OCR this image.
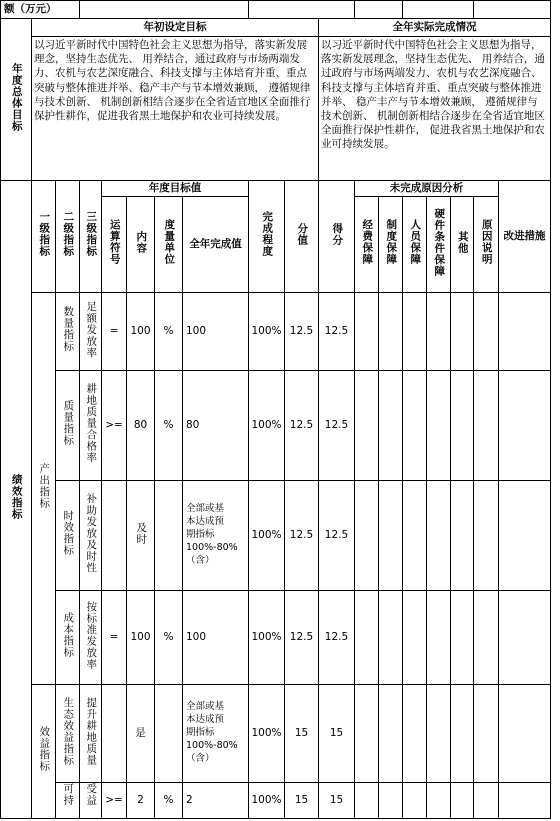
额（万元）																	
年度总体目标	年初设定目标									全年实际完成情况							
	以习近平新时代中国特色社会主义思想为指导，落实新发展理念，坚持生态优先、 用养结合，通过政府与市场两端发力、农机与农艺深度融合、科技支撑与主体培育并重、重点突破与整体推进并举、稳产丰产与节本增效兼顾， 遵循规律与技术创新、 机制创新相结合逐步在全省适宜地区全面推行保护性耕作，促进我省黑土地保护和农业可持续发展。									以习近平新时代中国特色社会主义思想为指导，落实新发展理念，坚持生态优先、 用养结合，通过政府与市场两端发力、农机与农艺深度融合、 科技支撑与主体培育并重、重点突破与整体推进并举、 稳产丰产与节本增效兼顾， 遵循规律与技术创新、 机制创新相结合逐步在全省适宜地区全面推行保护性耕作， 促进我省黑土地保护和农业可持续发展。							
绩效指标	一级指标	二级指标	三级指标	年度目标值				完成程度	分值	得分	未完成原因分析						改进措施
				运算符号	内容	度量单位	全年完成值				经费保障	制度保障	人员保障	硬件条件保障	其他	原因说明	
	产出指标	数量指标	足额发放率	=	100	%	100	100%	12.5	12.5							
		质量指标	耕地质量合格率	>=	80	%	80	100%	12.5	12.5							
		时效指标	补助发放及时性		及时		全部或基
本达成预
期指标
100%-80%
（含）	100%	12.5	12.5							
		成本指标	按标准发放率	=	100	%	100	100%	12.5	12.5							
	效益指标	生态效益指标	提升耕地质量		是		全部或基
本达成预
期指标
100%-80%
（含）	100%	15	15							
		可持	受益	>=	2	%	2	100%	15	15							
